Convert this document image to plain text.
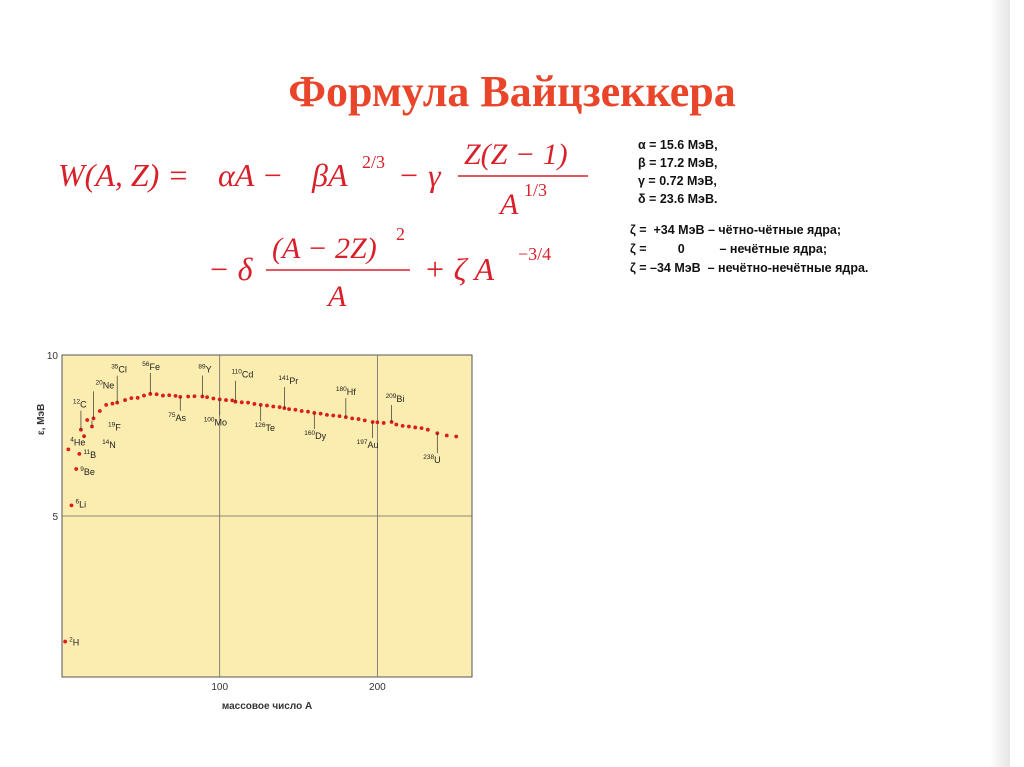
Формула Вайцзеккера
W(A, Z) = αA − βA 2/3 − γ
Z(Z − 1)
A 1/3
− δ
(A − 2Z) 2
A
+ ζ A −3/4
α = 15.6 МэВ,
β = 17.2 МэВ,
γ = 0.72 МэВ,
δ = 23.6 МэВ.
ζ =  +34 МэВ – чётно-чётные ядра;
ζ =         0          – нечётные ядра;
ζ = –34 МэВ  – нечётно-нечётные ядра.
100	200
5
10
$^2$H
$^4$He
$^6$Li
$^9$Be
$^{11}$B
$^{12}$C
$^{14}$N
$^{19}$F
$^{20}$Ne
$^{35}$Cl
$^{56}$Fe
$^{75}$As
$^{89}$Y
$^{100}$Mo
$^{110}$Cd
$^{126}$Te
$^{141}$Pr
$^{160}$Dy
$^{180}$Hf
$^{197}$Au
$^{209}$Bi
$^{238}$U
ε, МэВ
массовое число А
